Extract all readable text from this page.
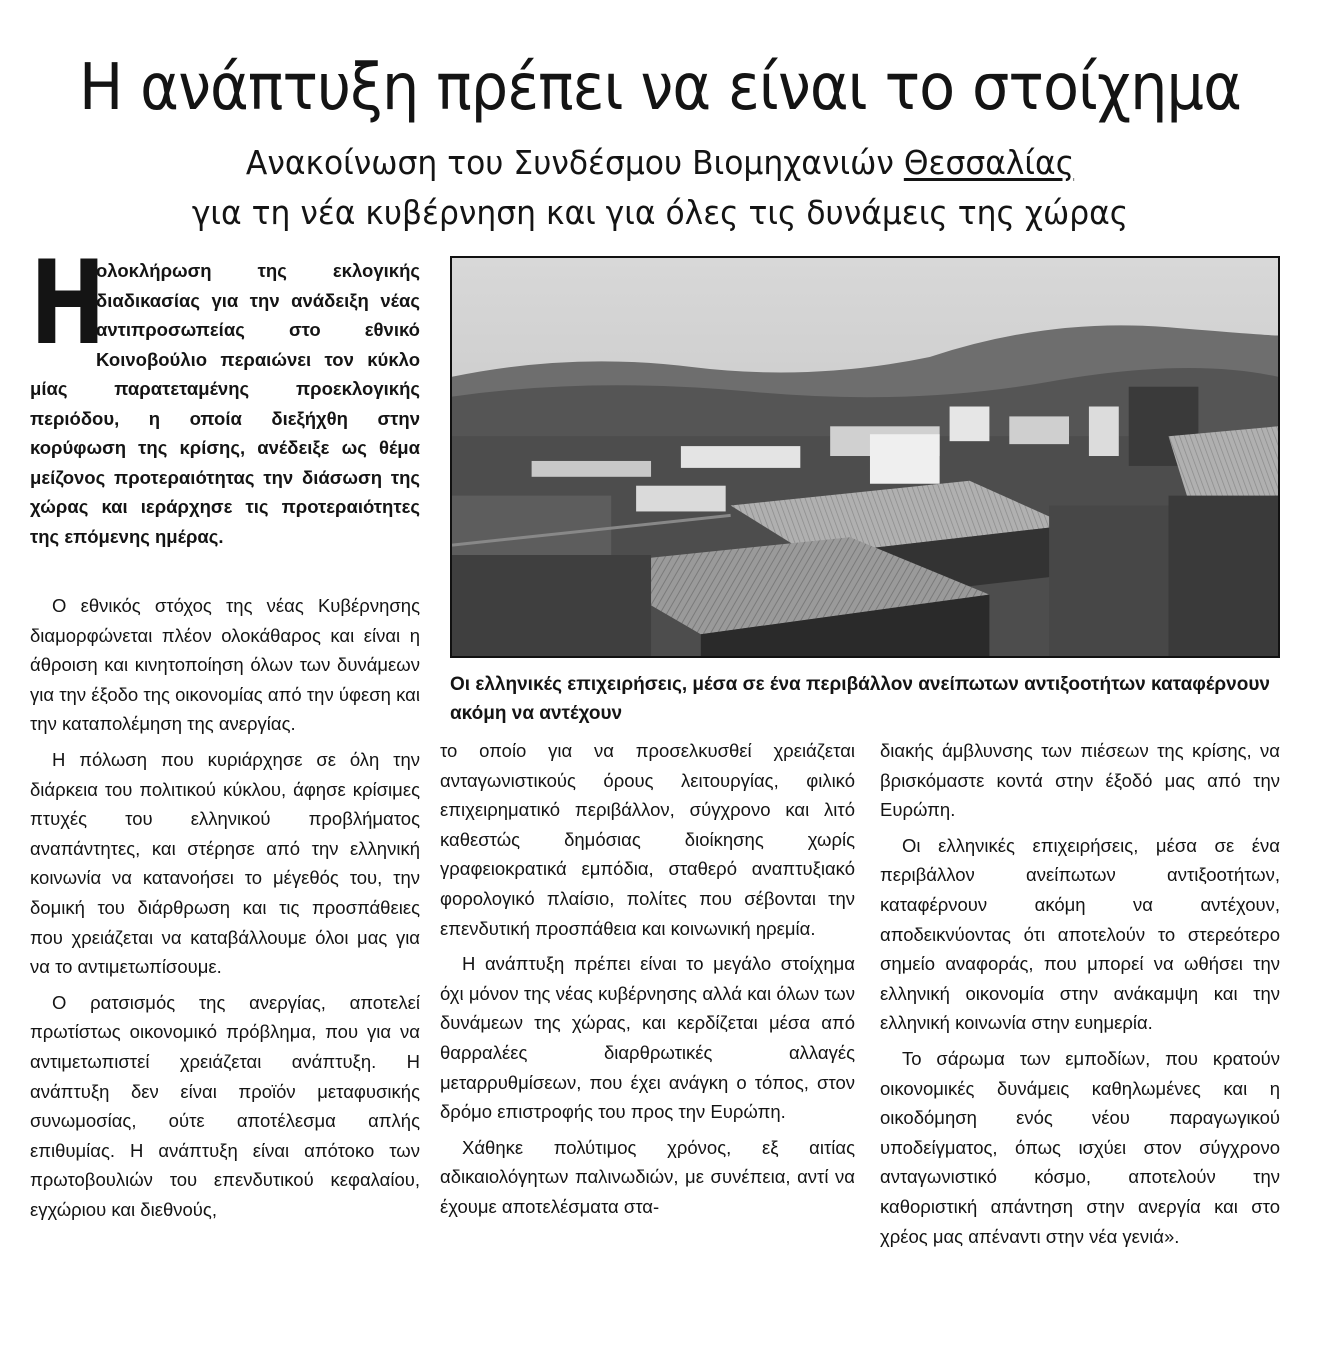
Η ανάπτυξη πρέπει να είναι το στοίχημα
Ανακοίνωση του Συνδέσμου Βιομηχανιών Θεσσαλίας
για τη νέα κυβέρνηση και για όλες τις δυνάμεις της χώρας
Η
ολοκλήρωση της εκλογικής διαδικασίας για την ανάδειξη νέας αντιπροσωπείας στο εθνικό Κοινοβούλιο περαιώνει τον κύκλο μίας παρατεταμένης προεκλογικής περιόδου, η οποία διεξήχθη στην κορύφωση της κρίσης, ανέδειξε ως θέμα μείζονος προτεραιότητας την διάσωση της χώρας και ιεράρχησε τις προτεραιότητες της επόμενης ημέρας.
Οι ελληνικές επιχειρήσεις, μέσα σε ένα περιβάλλον ανείπωτων αντιξοοτήτων καταφέρνουν ακόμη να αντέχουν

Ο εθνικός στόχος της νέας Κυβέρνησης διαμορφώνεται πλέον ολοκάθαρος και είναι η άθροιση και κινητοποίηση όλων των δυνάμεων για την έξοδο της οικονομίας από την ύφεση και την καταπολέμηση της ανεργίας.

Η πόλωση που κυριάρχησε σε όλη την διάρκεια του πολιτικού κύκλου, άφησε κρίσιμες πτυχές του ελληνικού προβλήματος αναπάντητες, και στέρησε από την ελληνική κοινωνία να κατανοήσει το μέγεθός του, την δομική του διάρθρωση και τις προσπάθειες που χρειάζεται να καταβάλλουμε όλοι μας για να το αντιμετωπίσουμε.

Ο ρατσισμός της ανεργίας, αποτελεί πρωτίστως οικονομικό πρόβλημα, που για να αντιμετωπιστεί χρειάζεται ανάπτυξη. Η ανάπτυξη δεν είναι προϊόν μεταφυσικής συνωμοσίας, ούτε αποτέλεσμα απλής επιθυμίας. Η ανάπτυξη είναι απότοκο των πρωτοβουλιών του επενδυτικού κεφαλαίου, εγχώριου και διεθνούς,

το οποίο για να προσελκυσθεί χρειάζεται ανταγωνιστικούς όρους λειτουργίας, φιλικό επιχειρηματικό περιβάλλον, σύγχρονο και λιτό καθεστώς δημόσιας διοίκησης χωρίς γραφειοκρατικά εμπόδια, σταθερό αναπτυξιακό φορολογικό πλαίσιο, πολίτες που σέβονται την επενδυτική προσπάθεια και κοινωνική ηρεμία.

Η ανάπτυξη πρέπει είναι το μεγάλο στοίχημα όχι μόνον της νέας κυβέρνησης αλλά και όλων των δυνάμεων της χώρας, και κερδίζεται μέσα από θαρραλέες διαρθρωτικές αλλαγές μεταρρυθμίσεων, που έχει ανάγκη ο τόπος, στον δρόμο επιστροφής του προς την Ευρώπη.

Χάθηκε πολύτιμος χρόνος, εξ αιτίας αδικαιολόγητων παλινωδιών, με συνέπεια, αντί να έχουμε αποτελέσματα στα-

διακής άμβλυνσης των πιέσεων της κρίσης, να βρισκόμαστε κοντά στην έξοδό μας από την Ευρώπη.

Οι ελληνικές επιχειρήσεις, μέσα σε ένα περιβάλλον ανείπωτων αντιξοοτήτων, καταφέρνουν ακόμη να αντέχουν, αποδεικνύοντας ότι αποτελούν το στερεότερο σημείο αναφοράς, που μπορεί να ωθήσει την ελληνική οικονομία στην ανάκαμψη και την ελληνική κοινωνία στην ευημερία.

Το σάρωμα των εμποδίων, που κρατούν οικονομικές δυνάμεις καθηλωμένες και η οικοδόμηση ενός νέου παραγωγικού υποδείγματος, όπως ισχύει στον σύγχρονο ανταγωνιστικό κόσμο, αποτελούν την καθοριστική απάντηση στην ανεργία και στο χρέος μας απέναντι στην νέα γενιά».
